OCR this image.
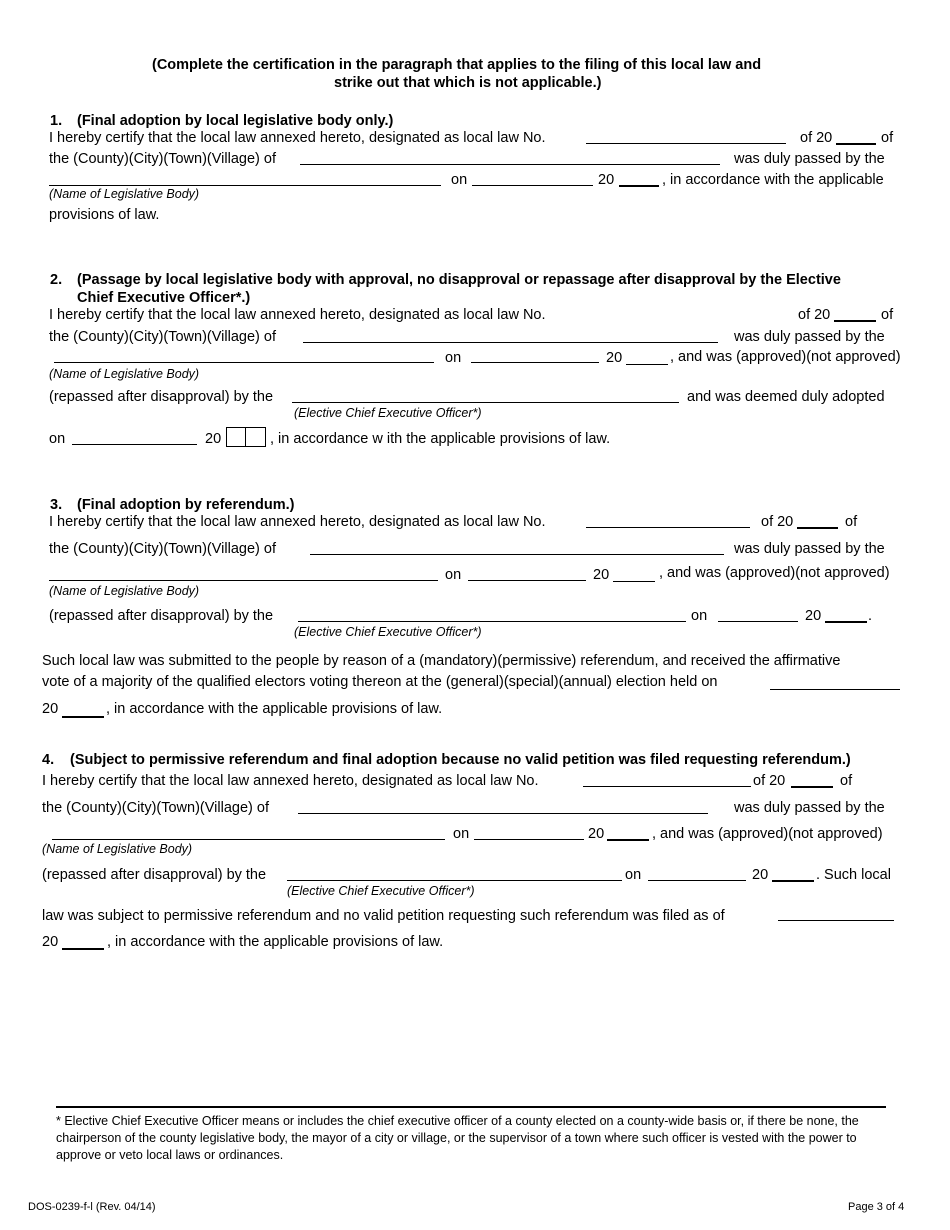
(Complete the certification in the paragraph that applies to the filing of this local law and
strike out that which is not applicable.)
1. (Final adoption by local legislative body only.)
I hereby certify that the local law annexed hereto, designated as local law No.	of 20	of
the (County)(City)(Town)(Village) of	was duly passed by the
on	20	, in accordance with the applicable
(Name of Legislative Body)
provisions of law.
2. (Passage by local legislative body with approval, no disapproval or repassage after disapproval by the Elective
Chief Executive Officer*.)
I hereby certify that the local law annexed hereto, designated as local law No.	of 20	of
the (County)(City)(Town)(Village) of	was duly passed by the
on	20	, and was (approved)(not approved)
(Name of Legislative Body)
(repassed after disapproval) by the	and was deemed duly adopted
(Elective Chief Executive Officer*)
on	20	, in accordance w ith the applicable provisions of law.
3. (Final adoption by referendum.)
I hereby certify that the local law annexed hereto, designated as local law No.	of 20	of
the (County)(City)(Town)(Village) of	was duly passed by the
on	20	, and was (approved)(not approved)
(Name of Legislative Body)
(repassed after disapproval) by the	on	20	.
(Elective Chief Executive Officer*)
Such local law was submitted to the people by reason of a (mandatory)(permissive) referendum, and received the affirmative
vote of a majority of the qualified electors voting thereon at the (general)(special)(annual) election held on
20	, in accordance with the applicable provisions of law.
4. (Subject to permissive referendum and final adoption because no valid petition was filed requesting referendum.)
I hereby certify that the local law annexed hereto, designated as local law No.	of 20	of
the (County)(City)(Town)(Village) of	was duly passed by the
on	20	, and was (approved)(not approved)
(Name of Legislative Body)
(repassed after disapproval) by the	on	20	. Such local
(Elective Chief Executive Officer*)
law was subject to permissive referendum and no valid petition requesting such referendum was filed as of
20	, in accordance with the applicable provisions of law.
* Elective Chief Executive Officer means or includes the chief executive officer of a county elected on a county-wide basis or, if there be none, the chairperson of the county legislative body, the mayor of a city or village, or the supervisor of a town where such officer is vested with the power to approve or veto local laws or ordinances.
DOS-0239-f-l (Rev. 04/14)	Page 3 of 4
